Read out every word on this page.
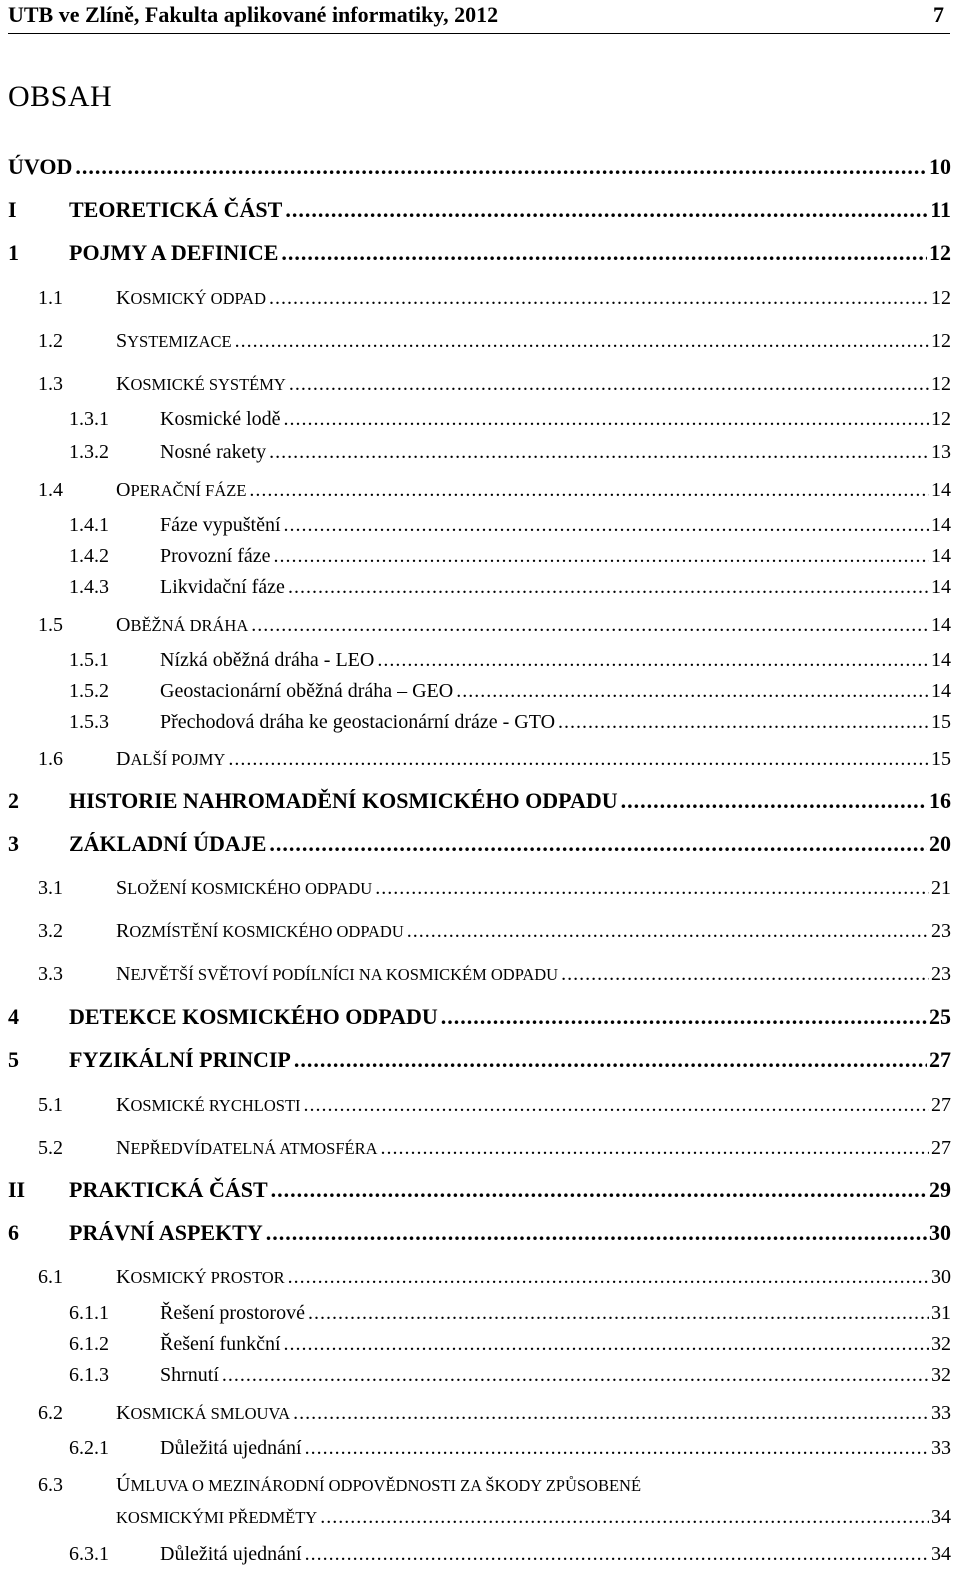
UTB ve Zlíně, Fakulta aplikované informatiky, 2012	7
OBSAH
ÚVOD .....	10
I	TEORETICKÁ ČÁST .....	11
1	POJMY A DEFINICE .....	12
1.1	KOSMICKÝ ODPAD .....	12
1.2	SYSTEMIZACE .....	12
1.3	KOSMICKÉ SYSTÉMY .....	12
1.3.1	Kosmické lodě .....	12
1.3.2	Nosné rakety .....	13
1.4	OPERAČNÍ FÁZE .....	14
1.4.1	Fáze vypuštění .....	14
1.4.2	Provozní fáze .....	14
1.4.3	Likvidační fáze .....	14
1.5	OBĚŽNÁ DRÁHA .....	14
1.5.1	Nízká oběžná dráha - LEO .....	14
1.5.2	Geostacionární oběžná dráha – GEO .....	14
1.5.3	Přechodová dráha ke geostacionární dráze - GTO .....	15
1.6	DALŠÍ POJMY .....	15
2	HISTORIE NAHROMADĚNÍ KOSMICKÉHO ODPADU .....	16
3	ZÁKLADNÍ ÚDAJE .....	20
3.1	SLOŽENÍ KOSMICKÉHO ODPADU .....	21
3.2	ROZMÍSTĚNÍ KOSMICKÉHO ODPADU .....	23
3.3	NEJVĚTŠÍ SVĚTOVÍ PODÍLNÍCI NA KOSMICKÉM ODPADU .....	23
4	DETEKCE KOSMICKÉHO ODPADU .....	25
5	FYZIKÁLNÍ PRINCIP .....	27
5.1	KOSMICKÉ RYCHLOSTI .....	27
5.2	NEPŘEDVÍDATELNÁ ATMOSFÉRA .....	27
II	PRAKTICKÁ ČÁST .....	29
6	PRÁVNÍ ASPEKTY .....	30
6.1	KOSMICKÝ PROSTOR .....	30
6.1.1	Řešení prostorové .....	31
6.1.2	Řešení funkční .....	32
6.1.3	Shrnutí .....	32
6.2	KOSMICKÁ SMLOUVA .....	33
6.2.1	Důležitá ujednání .....	33
6.3	ÚMLUVA O MEZINÁRODNÍ ODPOVĚDNOSTI ZA ŠKODY ZPŮSOBENÉ
KOSMICKÝMI PŘEDMĚTY .....	34
6.3.1	Důležitá ujednání .....	34
